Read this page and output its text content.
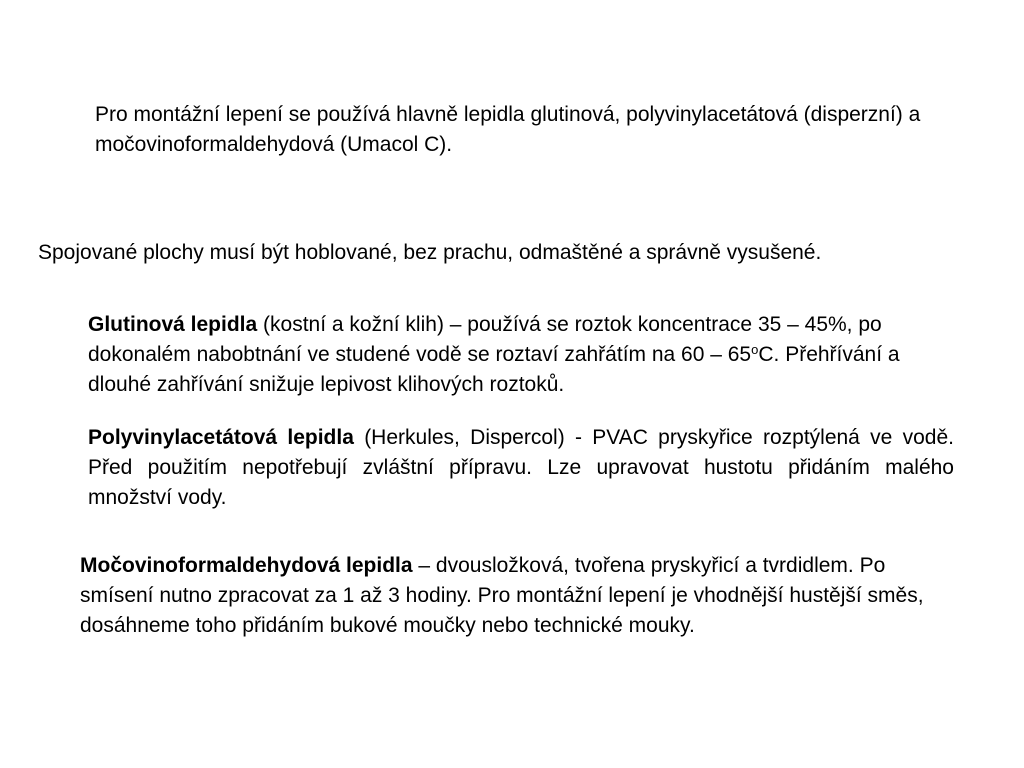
Pro montážní lepení se používá hlavně lepidla glutinová, polyvinylacetátová (disperzní) a močovinoformaldehydová (Umacol C).

Spojované plochy musí být hoblované, bez prachu, odmaštěné a správně vysušené.

Glutinová lepidla (kostní a kožní klih) – používá se roztok koncentrace 35 – 45%, po dokonalém nabobtnání ve studené vodě se roztaví zahřátím na 60 – 65$^o$C. Přehřívání a dlouhé zahřívání snižuje lepivost klihových roztoků.

Polyvinylacetátová lepidla (Herkules, Dispercol) - PVAC pryskyřice rozptýlená ve vodě. Před použitím nepotřebují zvláštní přípravu. Lze upravovat hustotu přidáním malého množství vody.

Močovinoformaldehydová lepidla – dvousložková, tvořena pryskyřicí a tvrdidlem. Po smísení nutno zpracovat za 1 až 3 hodiny. Pro montážní lepení je vhodnější hustější směs, dosáhneme toho přidáním bukové moučky nebo technické mouky.
